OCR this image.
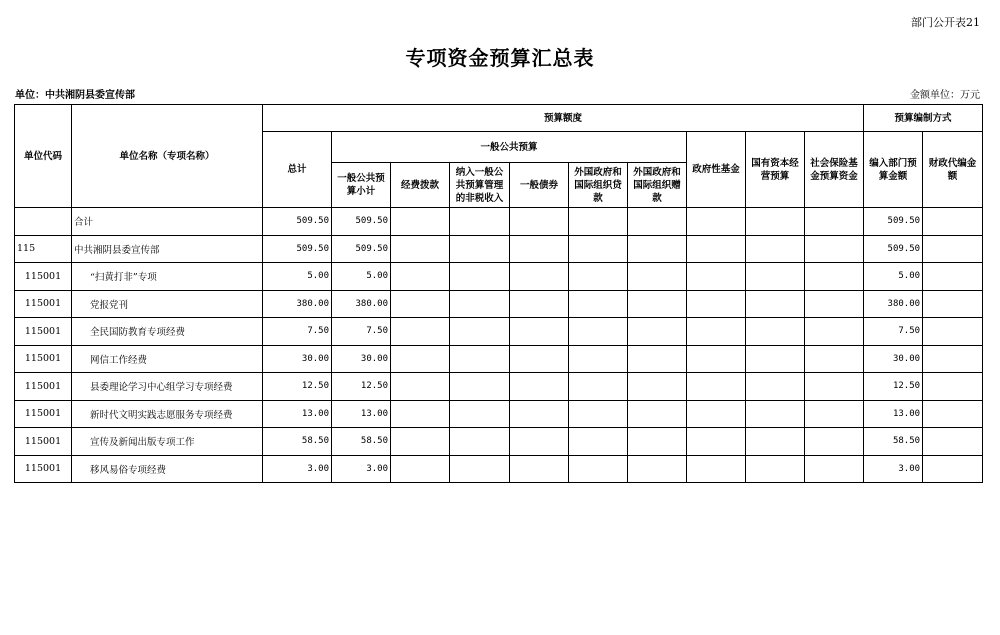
部门公开表21
专项资金预算汇总表
单位：中共湘阴县委宣传部	金额单位：万元
单位代码	单位名称（专项名称）	预算额度										预算编制方式	
		总计	一般公共预算						政府性基金	国有资本经营预算	社会保险基金预算资金	编入部门预算金额	财政代编金额
			一般公共预算小计	经费拨款	纳入一般公共预算管理的非税收入	一般债券	外国政府和国际组织贷款	外国政府和国际组织赠款					
	合计	509.50	509.50									509.50	
115	中共湘阴县委宣传部	509.50	509.50									509.50	
115001	“扫黄打非”专项	5.00	5.00									5.00	
115001	党报党刊	380.00	380.00									380.00	
115001	全民国防教育专项经费	7.50	7.50									7.50	
115001	网信工作经费	30.00	30.00									30.00	
115001	县委理论学习中心组学习专项经费	12.50	12.50									12.50	
115001	新时代文明实践志愿服务专项经费	13.00	13.00									13.00	
115001	宣传及新闻出版专项工作	58.50	58.50									58.50	
115001	移风易俗专项经费	3.00	3.00									3.00	
